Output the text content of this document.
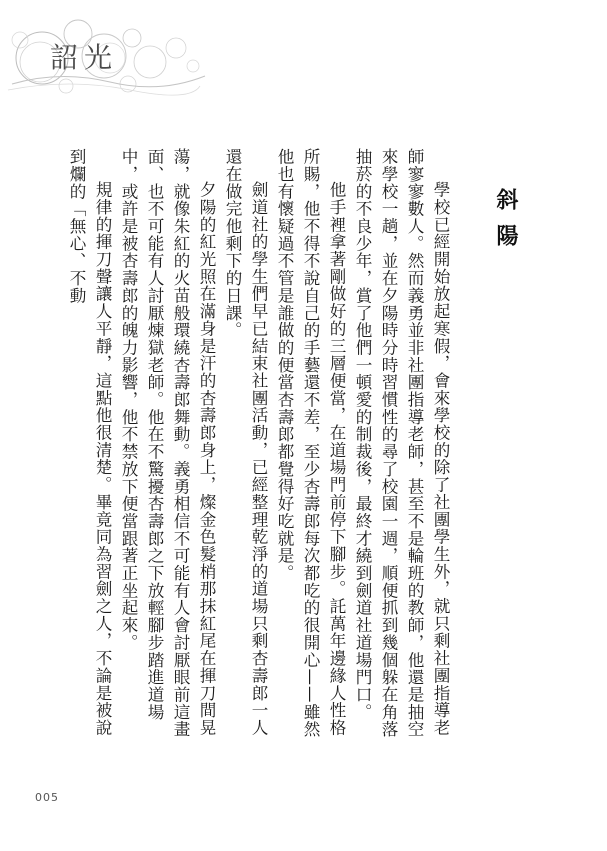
詔光
斜陽

學校已經開始放起寒假，會來學校的除了社團學生外，就只剩社團指導老師寥寥數人。然而義勇並非社團指導老師，甚至不是輪班的教師，他還是抽空來學校一趟，並在夕陽時分時習慣性的尋了校園一週，順便抓到幾個躲在角落抽菸的不良少年，賞了他們一頓愛的制裁後，最終才繞到劍道社道場門口。

他手裡拿著剛做好的三層便當，在道場門前停下腳步。託萬年邊緣人性格所賜，他不得不說自己的手藝還不差，至少杏壽郎每次都吃的很開心——雖然他也有懷疑過不管是誰做的便當杏壽郎都覺得好吃就是。

劍道社的學生們早已結束社團活動，已經整理乾淨的道場只剩杏壽郎一人還在做完他剩下的日課。

夕陽的紅光照在滿身是汗的杏壽郎身上，燦金色髮梢那抹紅尾在揮刀間晃蕩，就像朱紅的火苗般環繞杏壽郎舞動。義勇相信不可能有人會討厭眼前這畫面、也不可能有人討厭煉獄老師。他在不驚擾杏壽郎之下放輕腳步踏進道場中，或許是被杏壽郎的魄力影響，他不禁放下便當跟著正坐起來。

規律的揮刀聲讓人平靜，這點他很清楚。畢竟同為習劍之人，不論是被說到爛的「無心、不動

005
